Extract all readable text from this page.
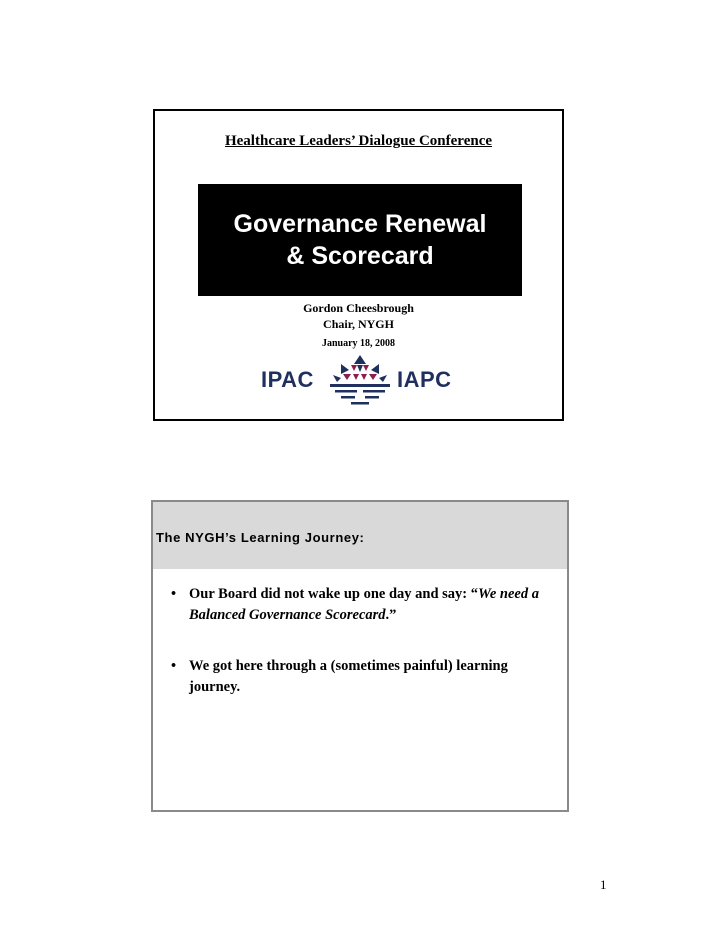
Healthcare Leaders’ Dialogue Conference
Governance Renewal
& Scorecard
Gordon Cheesbrough
Chair, NYGH
January 18, 2008
IPAC	IAPC
The NYGH’s Learning Journey:
• Our Board did not wake up one day and say: “We need a Balanced Governance Scorecard.”
• We got here through a (sometimes painful) learning journey.
1
